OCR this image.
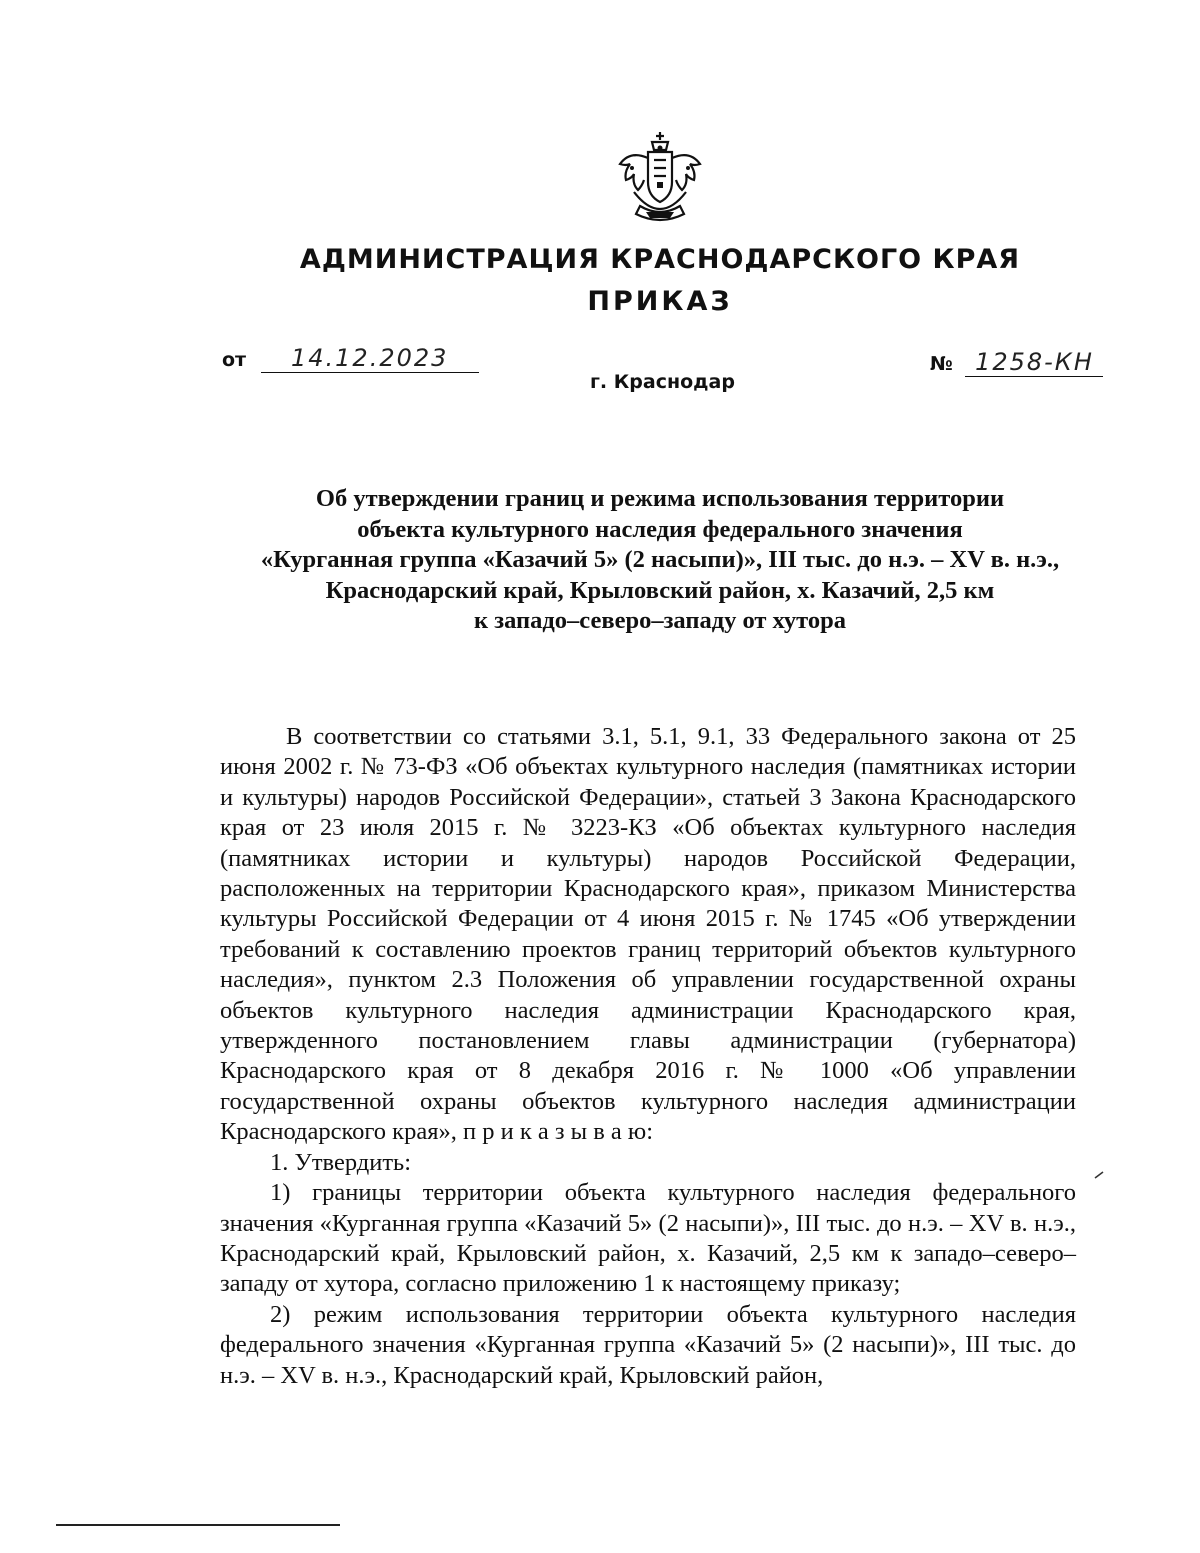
АДМИНИСТРАЦИЯ КРАСНОДАРСКОГО КРАЯ
ПРИКАЗ
от 14.12.2023	№ 1258-КН
г. Краснодар
Об утверждении границ и режима использования территории
объекта культурного наследия федерального значения
«Курганная группа «Казачий 5» (2 насыпи)», III тыс. до н.э. – XV в. н.э.,
Краснодарский край, Крыловский район, х. Казачий, 2,5 км
к западо–северо–западу от хутора

В соответствии со статьями 3.1, 5.1, 9.1, 33 Федерального закона от 25 июня 2002 г. № 73-ФЗ «Об объектах культурного наследия (памятниках истории и культуры) народов Российской Федерации», статьей 3 Закона Краснодарского края от 23 июля 2015 г. № 3223-КЗ «Об объектах культурного наследия (памятниках истории и культуры) народов Российской Федерации, расположенных на территории Краснодарского края», приказом Министерства культуры Российской Федерации от 4 июня 2015 г. № 1745 «Об утверждении требований к составлению проектов границ территорий объектов культурного наследия», пунктом 2.3 Положения об управлении государственной охраны объектов культурного наследия администрации Краснодарского края, утвержденного постановлением главы администрации (губернатора) Краснодарского края от 8 декабря 2016 г. № 1000 «Об управлении государственной охраны объектов культурного наследия администрации Краснодарского края», п р и к а з ы в а ю:

1. Утвердить:

1) границы территории объекта культурного наследия федерального значения «Курганная группа «Казачий 5» (2 насыпи)», III тыс. до н.э. – XV в. н.э., Краснодарский край, Крыловский район, х. Казачий, 2,5 км к западо–северо–западу от хутора, согласно приложению 1 к настоящему приказу;

2) режим использования территории объекта культурного наследия федерального значения «Курганная группа «Казачий 5» (2 насыпи)», III тыс. до н.э. – XV в. н.э., Краснодарский край, Крыловский район,
